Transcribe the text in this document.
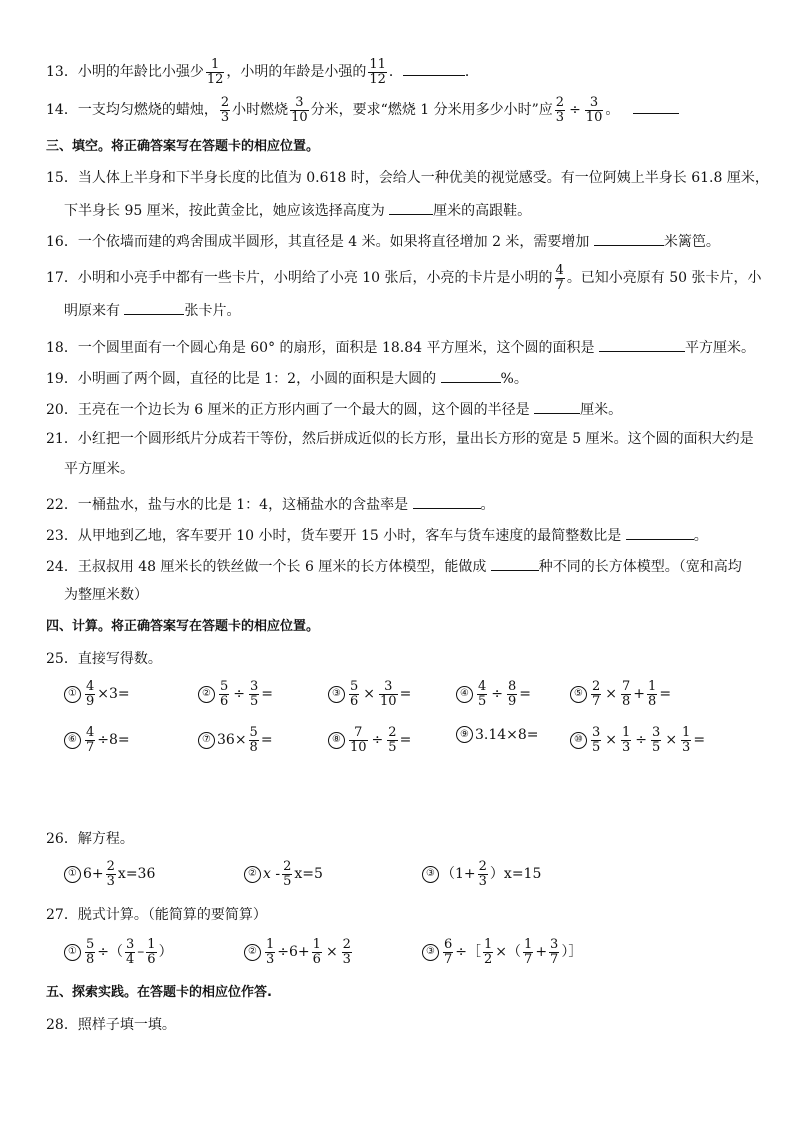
13．小明的年龄比小强少 $\frac{1}{12}$ ，小明的年龄是小强的 $\frac{11}{12}$ ．	．
14．一支均匀燃烧的蜡烛， $\frac{2}{3}$ 小时燃烧 $\frac{3}{10}$ 分米，要求“燃烧 1 分米用多少小时”应 $\frac{2}{3} \div \frac{3}{10}$ 。
三、填空。将正确答案写在答题卡的相应位置。
15．当人体上半身和下半身长度的比值为 0.618 时，会给人一种优美的视觉感受。有一位阿姨上半身长 61.8 厘米，
下半身长 95 厘米，按此黄金比，她应该选择高度为	厘米的高跟鞋。
16．一个依墙而建的鸡舍围成半圆形，其直径是 4 米。如果将直径增加 2 米，需要增加	米篱笆。
17．小明和小亮手中都有一些卡片，小明给了小亮 10 张后，小亮的卡片是小明的 $\frac{4}{7}$ 。已知小亮原有 50 张卡片，小
明原来有	张卡片。
18．一个圆里面有一个圆心角是 60° 的扇形，面积是 18.84 平方厘米，这个圆的面积是	平方厘米。
19．小明画了两个圆，直径的比是 1：2，小圆的面积是大圆的	%。
20．王亮在一个边长为 6 厘米的正方形内画了一个最大的圆，这个圆的半径是	厘米。
21．小红把一个圆形纸片分成若干等份，然后拼成近似的长方形，量出长方形的宽是 5 厘米。这个圆的面积大约是
平方厘米。
22．一桶盐水，盐与水的比是 1：4，这桶盐水的含盐率是	。
23．从甲地到乙地，客车要开 10 小时，货车要开 15 小时，客车与货车速度的最简整数比是	。
24．王叔叔用 48 厘米长的铁丝做一个长 6 厘米的长方体模型，能做成	种不同的长方体模型。（宽和高均
为整厘米数）
四、计算。将正确答案写在答题卡的相应位置。
25．直接写得数。
① $\frac{4}{9} \times 3=$	② $\frac{5}{6} \div \frac{3}{5}$ =	③ $\frac{5}{6} \times \frac{3}{10}$ =	④ $\frac{4}{5} \div \frac{8}{9}$ =	⑤ $\frac{2}{7} \times \frac{7}{8} + \frac{1}{8}$ =
⑥ $\frac{4}{7} \div 8=$	⑦ $36\times \frac{5}{8}$ =	⑧ $\frac{7}{10} \div \frac{2}{5}$ =	⑨ 3.14×8=	⑩ $\frac{3}{5} \times \frac{1}{3} \div \frac{3}{5} \times \frac{1}{3}$ =
26．解方程。
① $6+ \frac{2}{3} x=36$	② $x - \frac{2}{5} x=5$	③ $(1+ \frac{2}{3} )x=15$
27．脱式计算。（能简算的要简算）
① $\frac{5}{8}$ ÷（ $\frac{3}{4} - \frac{1}{6}$ ）	② $\frac{1}{3} \div 6+ \frac{1}{6} \times \frac{2}{3}$	③ $\frac{6}{7}$ ÷［ $\frac{1}{2}$ ×（ $\frac{1}{7} + \frac{3}{7}$ ）］
五、探索实践。在答题卡的相应位作答.
28．照样子填一填。
